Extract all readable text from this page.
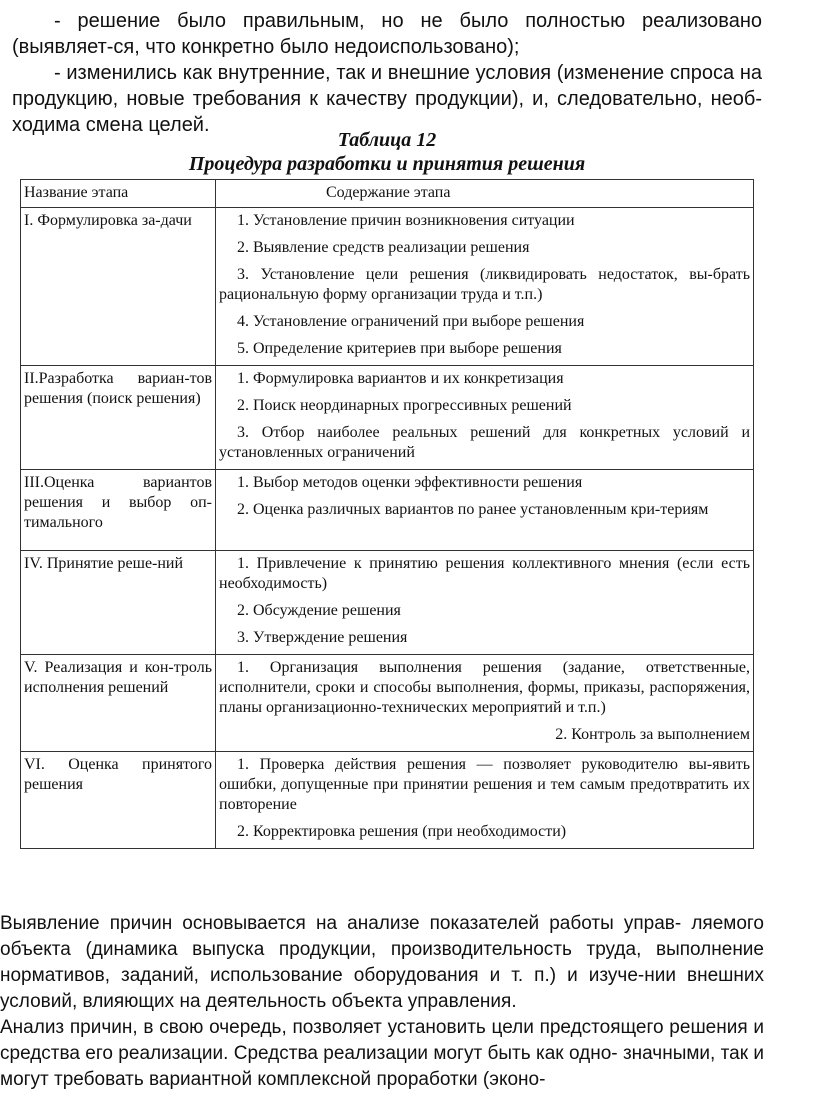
- решение было правильным, но не было полностью реализовано (выявляет-ся, что конкретно было недоиспользовано);

- изменились как внутренние, так и внешние условия (изменение спроса на продукцию, новые требования к качеству продукции), и, следовательно, необ-ходима смена целей.

Таблица 12
Процедура разработки и принятия решения
Название этапа	Содержание этапа
I. Формулировка за-дачи	1. Установление причин возникновения ситуации

2. Выявление средств реализации решения

3. Установление цели решения (ликвидировать недостаток, вы-брать рациональную форму организации труда и т.п.)

4. Установление ограничений при выборе решения

5. Определение критериев при выборе решения

II.Разработка вариан-тов решения (поиск решения)	1. Формулировка вариантов и их конкретизация

2. Поиск неординарных прогрессивных решений

3. Отбор наиболее реальных решений для конкретных условий и установленных ограничений

III.Оценка вариантов решения и выбор оп-тимального	1. Выбор методов оценки эффективности решения

2. Оценка различных вариантов по ранее установленным кри-териям

IV. Принятие реше-ний	1. Привлечение к принятию решения коллективного мнения (если есть необходимость)

2. Обсуждение решения

3. Утверждение решения

V. Реализация и кон-троль исполнения решений	1. Организация выполнения решения (задание, ответственные, исполнители, сроки и способы выполнения, формы, приказы, распоряжения, планы организационно-технических мероприятий и т.п.)

2. Контроль за выполнением

VI. Оценка принятого решения	1. Проверка действия решения — позволяет руководителю вы-явить ошибки, допущенные при принятии решения и тем самым предотвратить их повторение

2. Корректировка решения (при необходимости)

Выявление причин основывается на анализе показателей работы управ- ляемого объекта (динамика выпуска продукции, производительность труда, выполнение нормативов, заданий, использование оборудования и т. п.) и изуче-нии внешних условий, влияющих на деятельность объекта управления.

Анализ причин, в свою очередь, позволяет установить цели предстоящего решения и средства его реализации. Средства реализации могут быть как одно- значными, так и могут требовать вариантной комплексной проработки (эконо-
